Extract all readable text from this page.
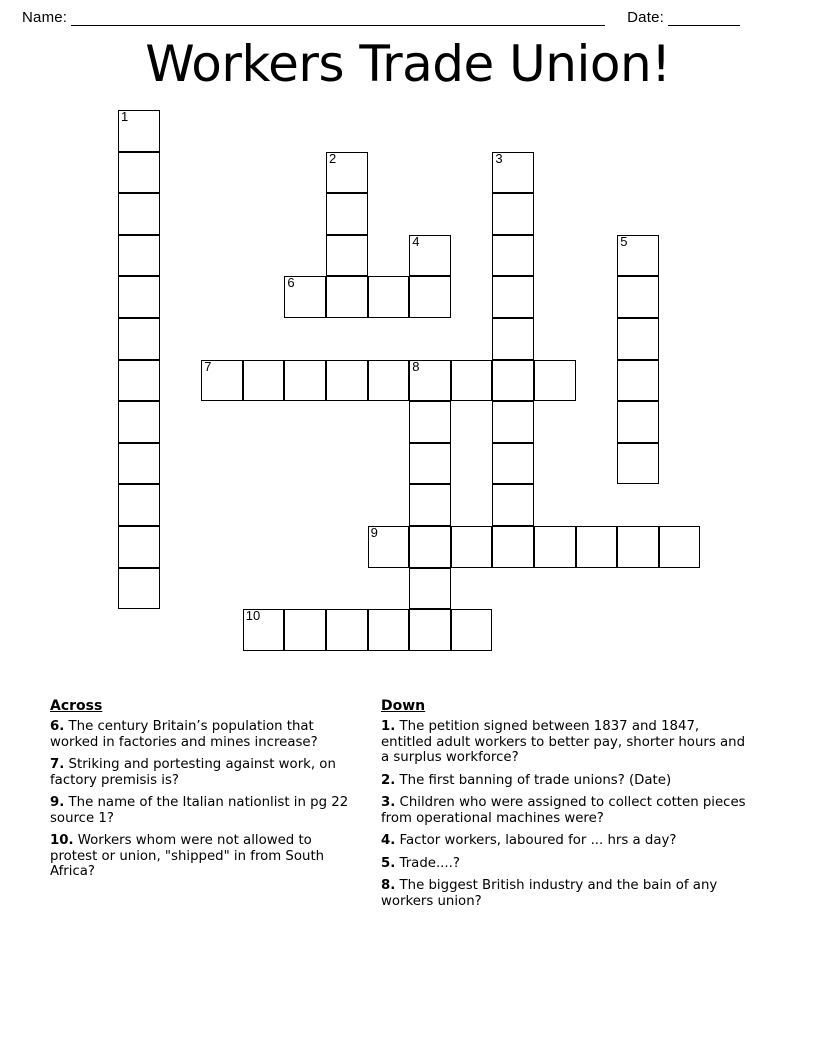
Name:	Date:
Workers Trade Union!
1
2	3
4	5
6
7	8
9
10
Across

6. The century Britain’s population that worked in factories and mines increase?

7. Striking and portesting against work, on factory premisis is?

9. The name of the Italian nationlist in pg 22 source 1?

10. Workers whom were not allowed to protest or union, "shipped" in from South Africa?

Down

1. The petition signed between 1837 and 1847, entitled adult workers to better pay, shorter hours and a surplus workforce?

2. The first banning of trade unions? (Date)

3. Children who were assigned to collect cotten pieces from operational machines were?

4. Factor workers, laboured for ... hrs a day?

5. Trade....?

8. The biggest British industry and the bain of any workers union?
